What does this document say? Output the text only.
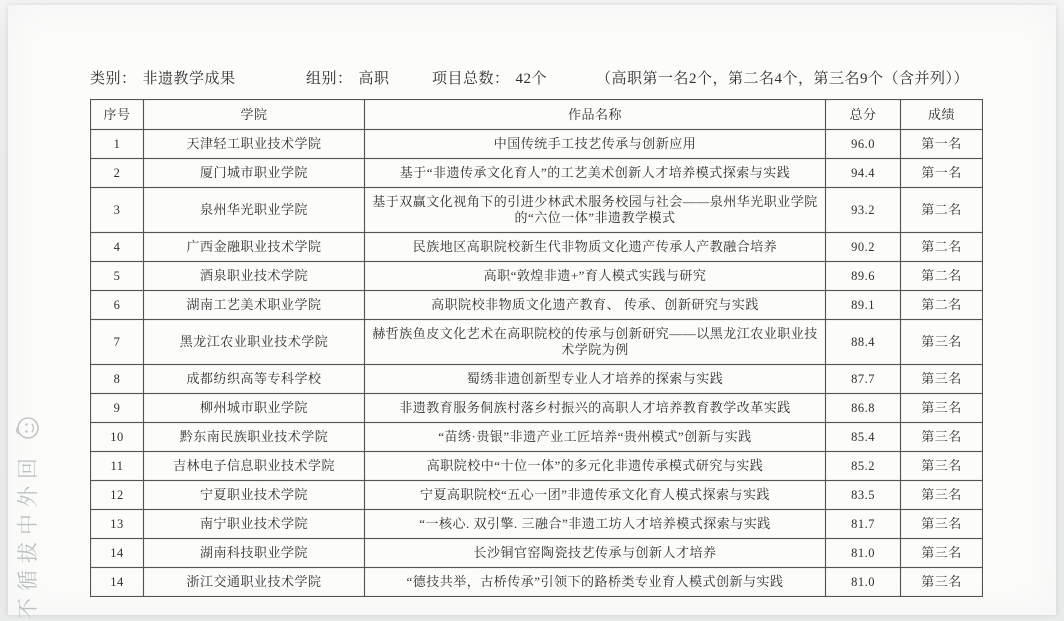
类别： 非遗教学成果	组别： 高职	项目总数： 42个	（高职第一名2个，第二名4个，第三名9个（含并列））
序号	学院	作品名称	总分	成绩
1	天津轻工职业技术学院	中国传统手工技艺传承与创新应用	96.0	第一名
2	厦门城市职业学院	基于“非遗传承文化育人”的工艺美术创新人才培养模式探索与实践	94.4	第一名
3	泉州华光职业学院	基于双赢文化视角下的引进少林武术服务校园与社会——泉州华光职业学院的“六位一体”非遗教学模式	93.2	第二名
4	广西金融职业技术学院	民族地区高职院校新生代非物质文化遗产传承人产教融合培养	90.2	第二名
5	酒泉职业技术学院	高职“敦煌非遗+”育人模式实践与研究	89.6	第二名
6	湖南工艺美术职业学院	高职院校非物质文化遗产教育、 传承、创新研究与实践	89.1	第二名
7	黑龙江农业职业技术学院	赫哲族鱼皮文化艺术在高职院校的传承与创新研究——以黑龙江农业职业技术学院为例	88.4	第三名
8	成都纺织高等专科学校	蜀绣非遗创新型专业人才培养的探索与实践	87.7	第三名
9	柳州城市职业学院	非遗教育服务侗族村落乡村振兴的高职人才培养教育教学改革实践	86.8	第三名
10	黔东南民族职业技术学院	“苗绣·贵银”非遗产业工匠培养“贵州模式”创新与实践	85.4	第三名
11	吉林电子信息职业技术学院	高职院校中“十位一体”的多元化非遗传承模式研究与实践	85.2	第三名
12	宁夏职业技术学院	宁夏高职院校“五心一团”非遗传承文化育人模式探索与实践	83.5	第三名
13	南宁职业技术学院	“一核心. 双引擎. 三融合”非遗工坊人才培养模式探索与实践	81.7	第三名
14	湖南科技职业学院	长沙铜官窑陶瓷技艺传承与创新人才培养	81.0	第三名
14	浙江交通职业技术学院	“德技共举，古桥传承”引领下的路桥类专业育人模式创新与实践	81.0	第三名
不循拔中外回
